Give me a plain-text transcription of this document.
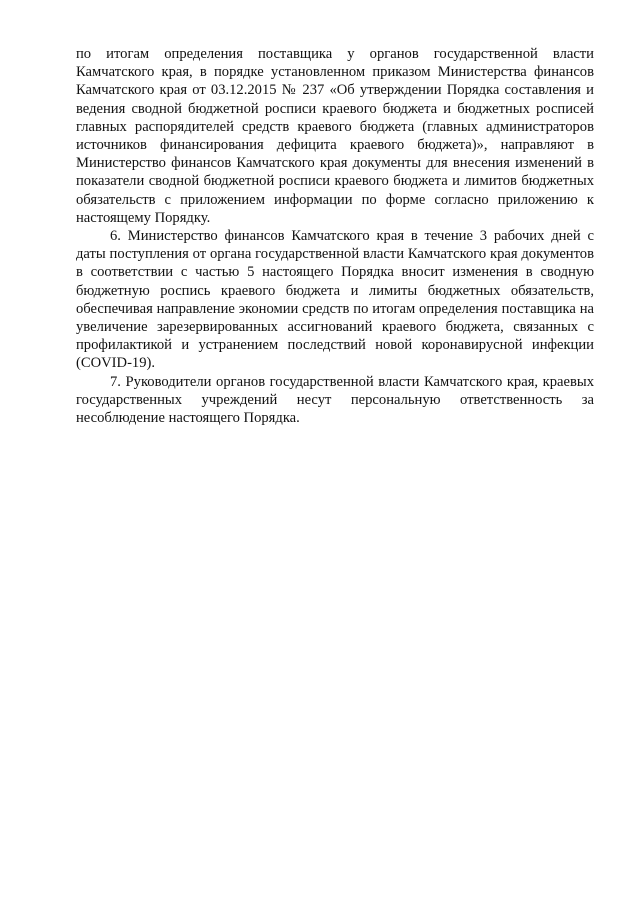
по итогам определения поставщика у органов государственной власти Камчатского края, в порядке установленном приказом Министерства финансов Камчатского края от 03.12.2015 № 237 «Об утверждении Порядка составления и ведения сводной бюджетной росписи краевого бюджета и бюджетных росписей главных распорядителей средств краевого бюджета (главных администраторов источников финансирования дефицита краевого бюджета)», направляют в Министерство финансов Камчатского края документы для внесения изменений в показатели сводной бюджетной росписи краевого бюджета и лимитов бюджетных обязательств с приложением информации по форме согласно приложению к настоящему Порядку.

6. Министерство финансов Камчатского края в течение 3 рабочих дней с даты поступления от органа государственной власти Камчатского края документов в соответствии с частью 5 настоящего Порядка вносит изменения в сводную бюджетную роспись краевого бюджета и лимиты бюджетных обязательств, обеспечивая направление экономии средств по итогам определения поставщика на увеличение зарезервированных ассигнований краевого бюджета, связанных с профилактикой и устранением последствий новой коронавирусной инфекции (COVID-19).

7. Руководители органов государственной власти Камчатского края, краевых государственных учреждений несут персональную ответственность за несоблюдение настоящего Порядка.
